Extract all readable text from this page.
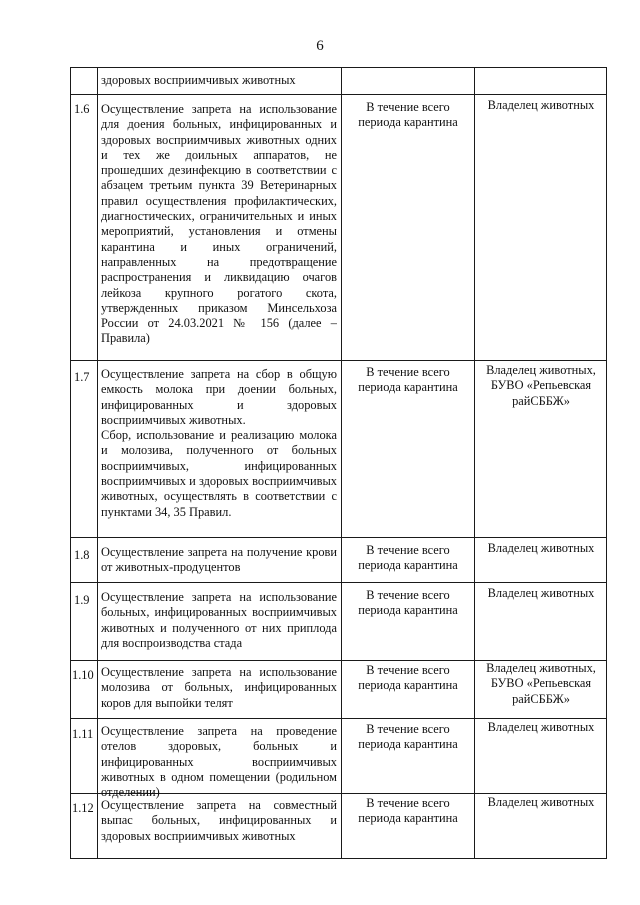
6
здоровых восприимчивых животных
1.6 Осуществление запрета на использование для доения больных, инфицированных и здоровых восприимчивых животных одних и тех же доильных аппаратов, не прошедших дезинфекцию в соответствии с абзацем третьим пункта 39 Ветеринарных правил осуществления профилактических, диагностических, ограничительных и иных мероприятий, установления и отмены карантина и иных ограничений, направленных на предотвращение распространения и ликвидацию очагов лейкоза крупного рогатого скота, утвержденных приказом Минсельхоза России от 24.03.2021 № 156 (далее – Правила)

В течение всего периода карантина
Владелец животных
1.7 Осуществление запрета на сбор в общую емкость молока при доении больных, инфицированных и здоровых восприимчивых животных.

Сбор, использование и реализацию молока и молозива, полученного от больных восприимчивых, инфицированных восприимчивых и здоровых восприимчивых животных, осуществлять в соответствии с пунктами 34, 35 Правил.

В течение всего периода карантина
Владелец животных, БУВО «Репьевская райСББЖ»
1.8 Осуществление запрета на получение крови от животных-продуцентов

В течение всего периода карантина
Владелец животных
1.9 Осуществление запрета на использование больных, инфицированных восприимчивых животных и полученного от них приплода для воспроизводства стада

В течение всего периода карантина
Владелец животных
1.10 Осуществление запрета на использование молозива от больных, инфицированных коров для выпойки телят

В течение всего периода карантина
Владелец животных, БУВО «Репьевская райСББЖ»
1.11 Осуществление запрета на проведение отелов здоровых, больных и инфицированных восприимчивых животных в одном помещении (родильном отделении)

В течение всего периода карантина
Владелец животных
1.12 Осуществление запрета на совместный выпас больных, инфицированных и здоровых восприимчивых животных

В течение всего периода карантина
Владелец животных
